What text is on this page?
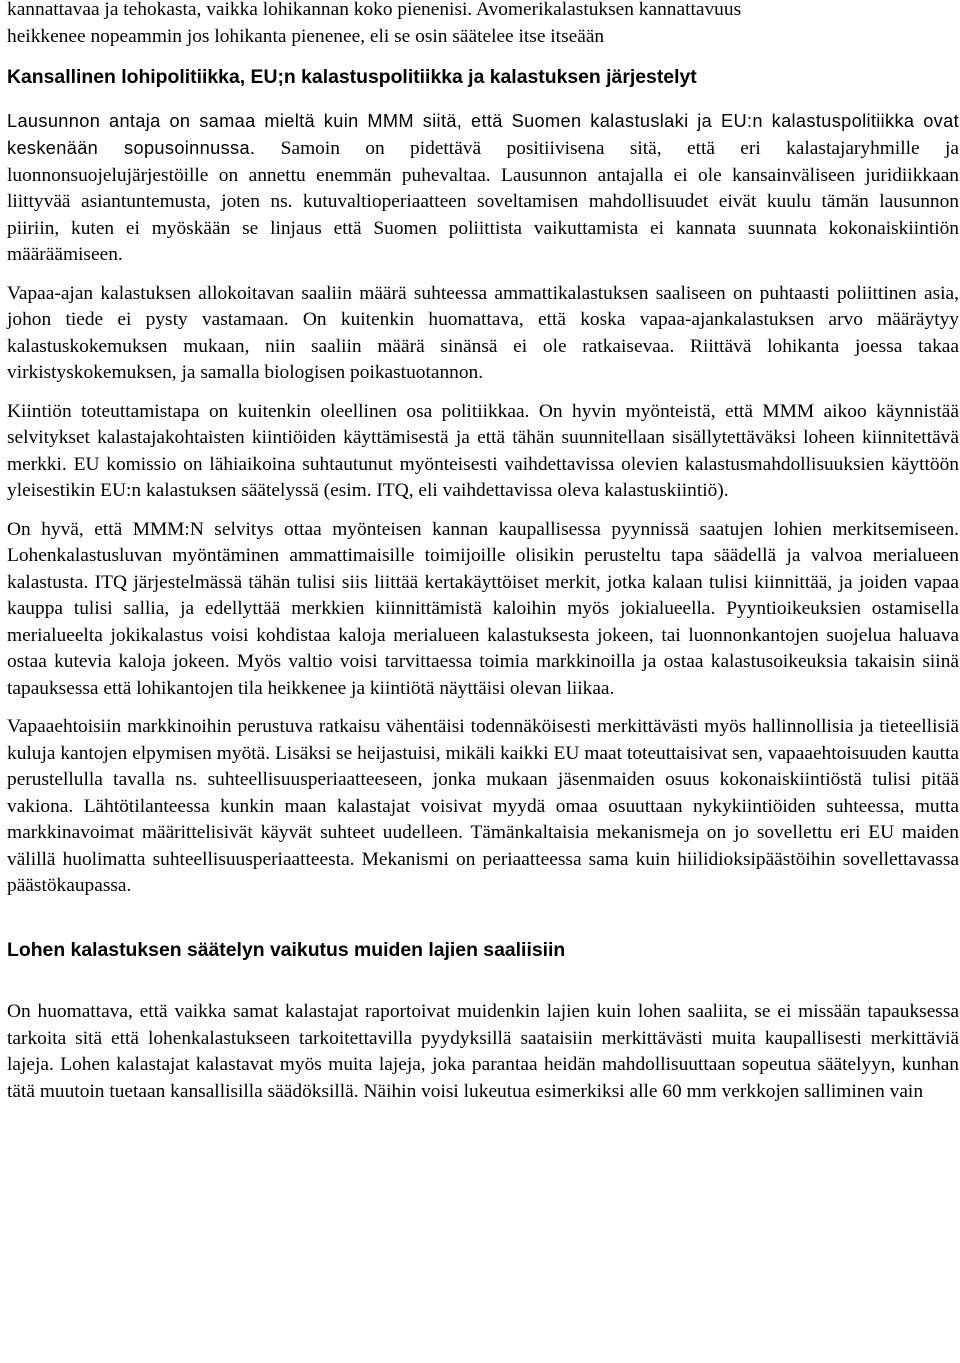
kannattavaa ja tehokasta, vaikka lohikannan koko pienenisi. Avomerikalastuksen kannattavuus
heikkenee nopeammin jos lohikanta pienenee, eli se osin säätelee itse itseään

Kansallinen lohipolitiikka, EU;n kalastuspolitiikka ja kalastuksen järjestelyt

Lausunnon antaja on samaa mieltä kuin MMM siitä, että Suomen kalastuslaki ja EU:n kalastuspolitiikka ovat keskenään sopusoinnussa. Samoin on pidettävä positiivisena sitä, että eri kalastajaryhmille ja luonnonsuojelujärjestöille on annettu enemmän puhevaltaa. Lausunnon antajalla ei ole kansainväliseen juridiikkaan liittyvää asiantuntemusta, joten ns. kutuvaltioperiaatteen soveltamisen mahdollisuudet eivät kuulu tämän lausunnon piiriin, kuten ei myöskään se linjaus että Suomen poliittista vaikuttamista ei kannata suunnata kokonaiskiintiön määräämiseen.

Vapaa-ajan kalastuksen allokoitavan saaliin määrä suhteessa ammattikalastuksen saaliseen on puhtaasti poliittinen asia, johon tiede ei pysty vastamaan. On kuitenkin huomattava, että koska vapaa-ajankalastuksen arvo määräytyy kalastuskokemuksen mukaan, niin saaliin määrä sinänsä ei ole ratkaisevaa. Riittävä lohikanta joessa takaa virkistyskokemuksen, ja samalla biologisen poikastuotannon.

Kiintiön toteuttamistapa on kuitenkin oleellinen osa politiikkaa. On hyvin myönteistä, että MMM aikoo käynnistää selvitykset kalastajakohtaisten kiintiöiden käyttämisestä ja että tähän suunnitellaan sisällytettäväksi loheen kiinnitettävä merkki. EU komissio on lähiaikoina suhtautunut myönteisesti vaihdettavissa olevien kalastusmahdollisuuksien käyttöön yleisestikin EU:n kalastuksen säätelyssä (esim. ITQ, eli vaihdettavissa oleva kalastuskiintiö).

On hyvä, että MMM:N selvitys ottaa myönteisen kannan kaupallisessa pyynnissä saatujen lohien merkitsemiseen. Lohenkalastusluvan myöntäminen ammattimaisille toimijoille olisikin perusteltu tapa säädellä ja valvoa merialueen kalastusta. ITQ järjestelmässä tähän tulisi siis liittää kertakäyttöiset merkit, jotka kalaan tulisi kiinnittää, ja joiden vapaa kauppa tulisi sallia, ja edellyttää merkkien kiinnittämistä kaloihin myös jokialueella. Pyyntioikeuksien ostamisella merialueelta jokikalastus voisi kohdistaa kaloja merialueen kalastuksesta jokeen, tai luonnonkantojen suojelua haluava ostaa kutevia kaloja jokeen. Myös valtio voisi tarvittaessa toimia markkinoilla ja ostaa kalastusoikeuksia takaisin siinä tapauksessa että lohikantojen tila heikkenee ja kiintiötä näyttäisi olevan liikaa.

Vapaaehtoisiin markkinoihin perustuva ratkaisu vähentäisi todennäköisesti merkittävästi myös hallinnollisia ja tieteellisiä kuluja kantojen elpymisen myötä. Lisäksi se heijastuisi, mikäli kaikki EU maat toteuttaisivat sen, vapaaehtoisuuden kautta perustellulla tavalla ns. suhteellisuusperiaatteeseen, jonka mukaan jäsenmaiden osuus kokonaiskiintiöstä tulisi pitää vakiona. Lähtötilanteessa kunkin maan kalastajat voisivat myydä omaa osuuttaan nykykiintiöiden suhteessa, mutta markkinavoimat määrittelisivät käyvät suhteet uudelleen. Tämänkaltaisia mekanismeja on jo sovellettu eri EU maiden välillä huolimatta suhteellisuusperiaatteesta. Mekanismi on periaatteessa sama kuin hiilidioksipäästöihin sovellettavassa päästökaupassa.

Lohen kalastuksen säätelyn vaikutus muiden lajien saaliisiin

On huomattava, että vaikka samat kalastajat raportoivat muidenkin lajien kuin lohen saaliita, se ei missään tapauksessa tarkoita sitä että lohenkalastukseen tarkoitettavilla pyydyksillä saataisiin merkittävästi muita kaupallisesti merkittäviä lajeja. Lohen kalastajat kalastavat myös muita lajeja, joka parantaa heidän mahdollisuuttaan sopeutua säätelyyn, kunhan tätä muutoin tuetaan kansallisilla säädöksillä. Näihin voisi lukeutua esimerkiksi alle 60 mm verkkojen salliminen vain
